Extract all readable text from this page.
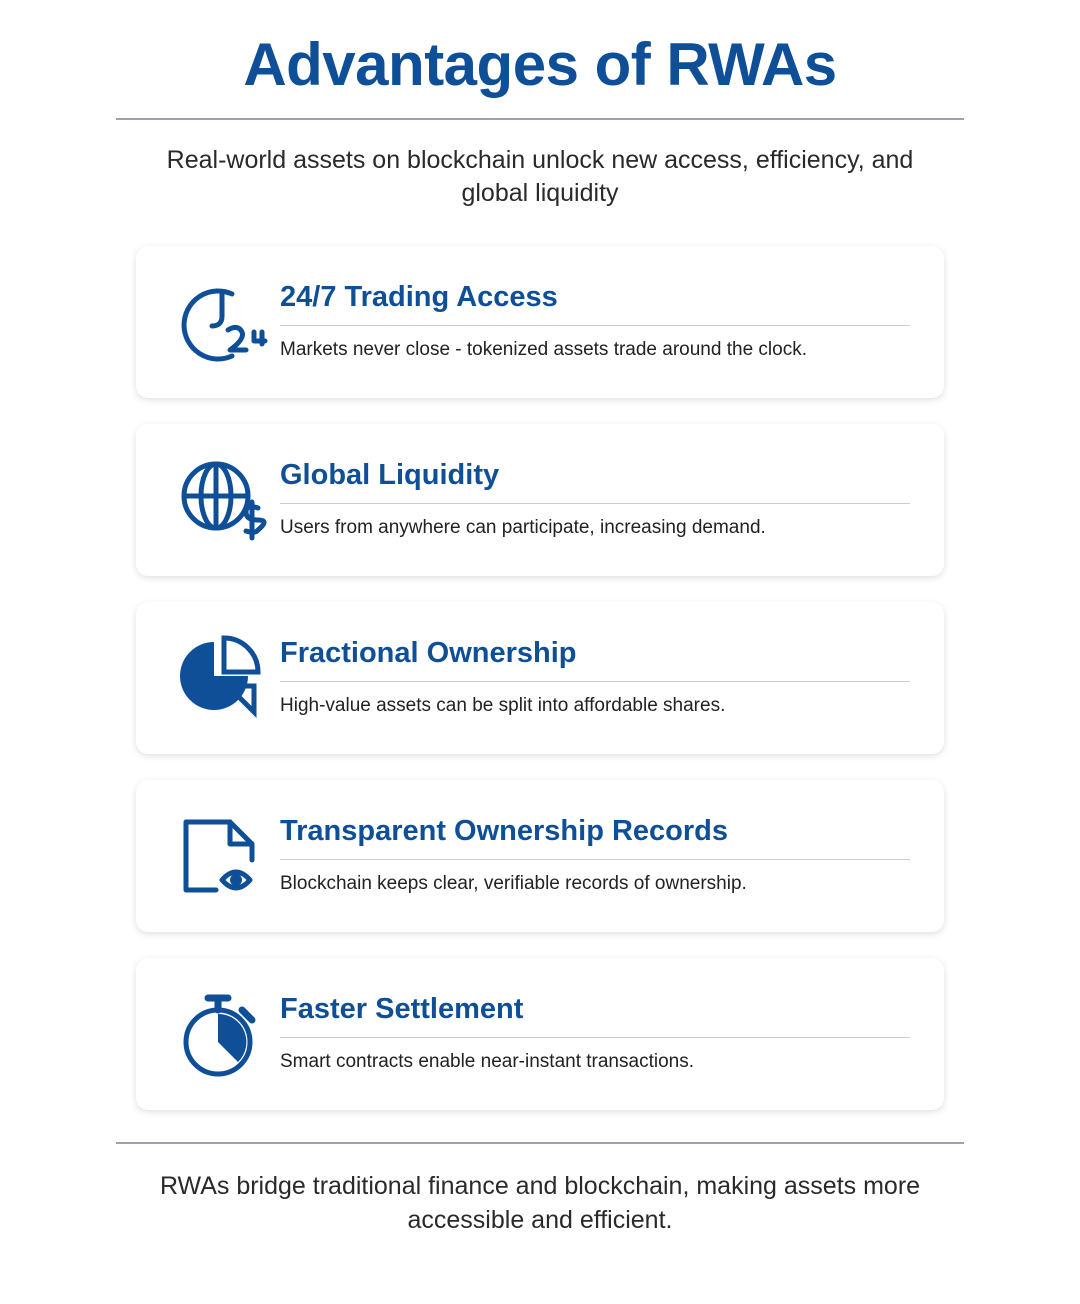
Advantages of RWAs
Real-world assets on blockchain unlock new access, efficiency, and global liquidity
24/7 Trading Access
Markets never close - tokenized assets trade around the clock.
Global Liquidity
Users from anywhere can participate, increasing demand.
Fractional Ownership
High-value assets can be split into affordable shares.
Transparent Ownership Records
Blockchain keeps clear, verifiable records of ownership.
Faster Settlement
Smart contracts enable near-instant transactions.
RWAs bridge traditional finance and blockchain, making assets more accessible and efficient.
